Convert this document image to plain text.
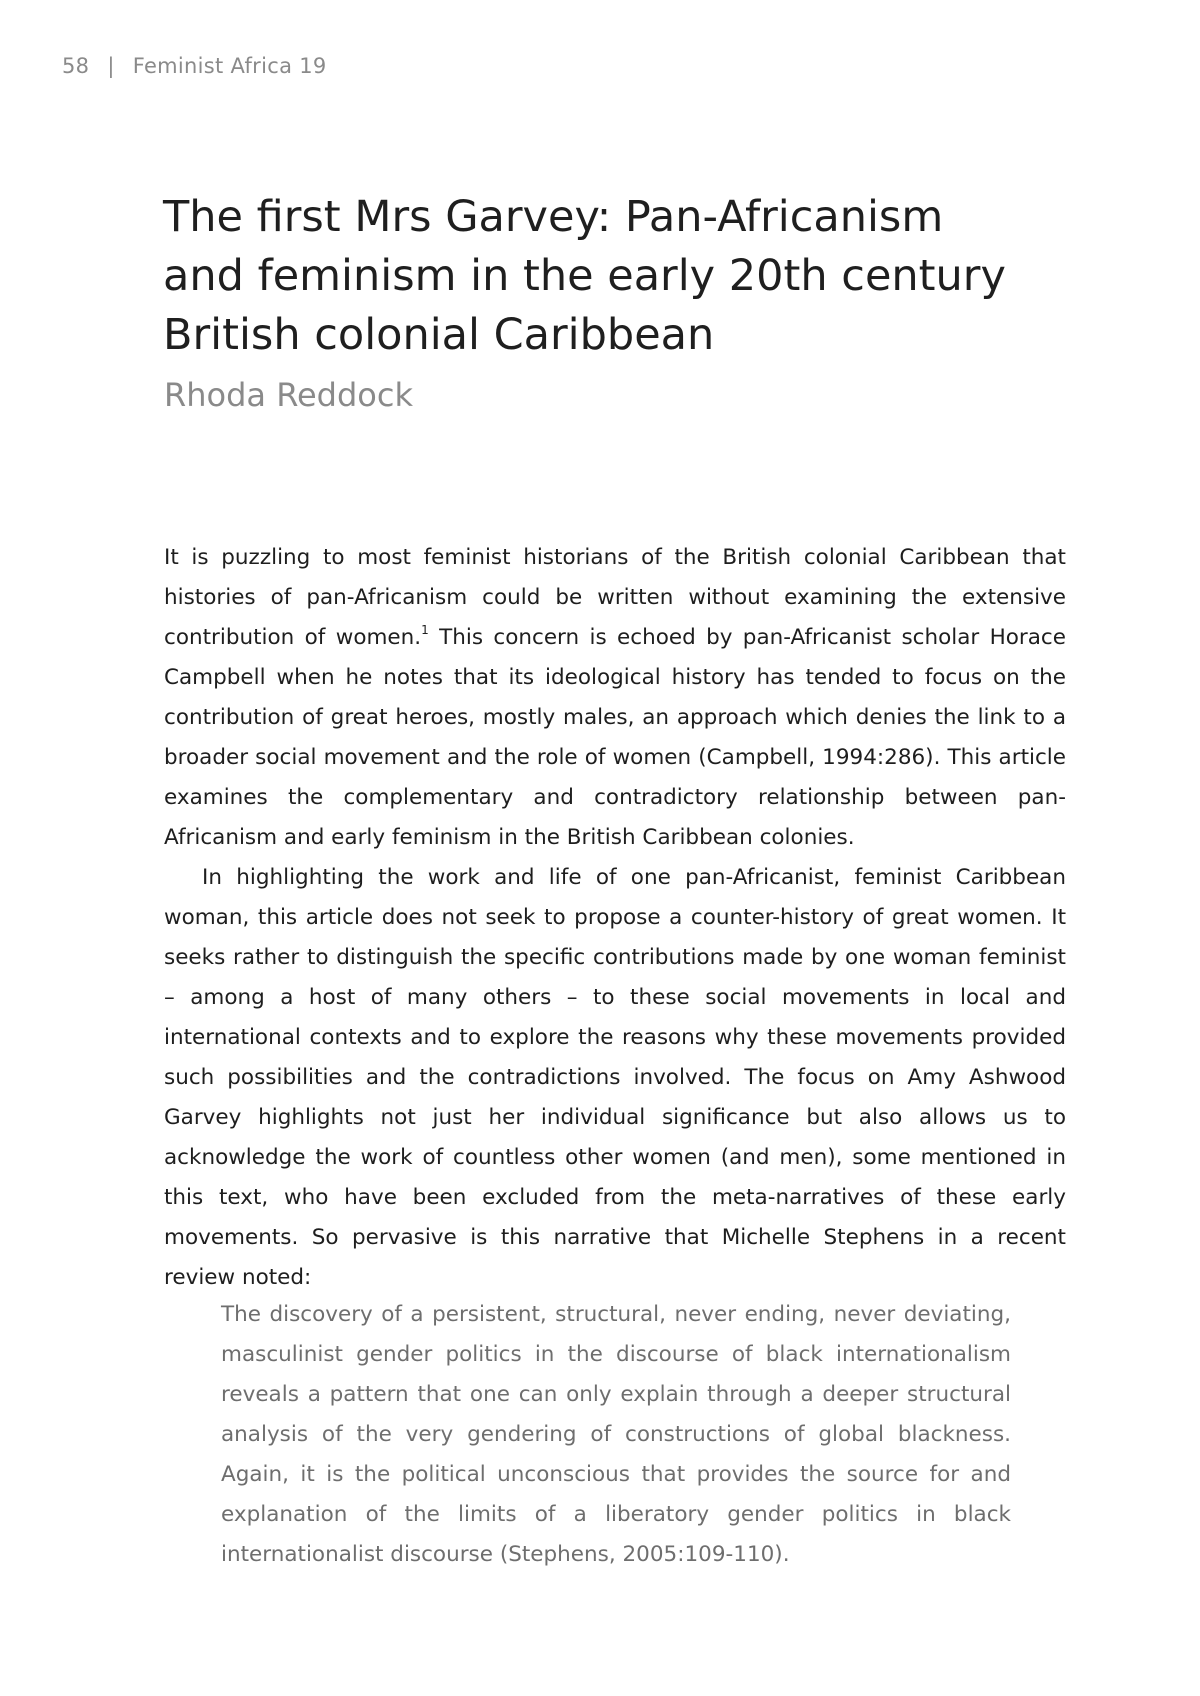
58 | Feminist Africa 19
The first Mrs Garvey: Pan-Africanism
and feminism in the early 20th century
British colonial Caribbean
Rhoda Reddock

It is puzzling to most feminist historians of the British colonial Caribbean that histories of pan-Africanism could be written without examining the extensive contribution of women.$^1$ This concern is echoed by pan-Africanist scholar Horace Campbell when he notes that its ideological history has tended to focus on the contribution of great heroes, mostly males, an approach which denies the link to a broader social movement and the role of women (Campbell, 1994:286). This article examines the complementary and contradictory relationship between pan-Africanism and early feminism in the British Caribbean colonies.

In highlighting the work and life of one pan-Africanist, feminist Caribbean woman, this article does not seek to propose a counter-history of great women. It seeks rather to distinguish the specific contributions made by one woman feminist – among a host of many others – to these social movements in local and international contexts and to explore the reasons why these movements provided such possibilities and the contradictions involved. The focus on Amy Ashwood Garvey highlights not just her individual significance but also allows us to acknowledge the work of countless other women (and men), some mentioned in this text, who have been excluded from the meta-narratives of these early movements. So pervasive is this narrative that Michelle Stephens in a recent review noted:

The discovery of a persistent, structural, never ending, never deviating, masculinist gender politics in the discourse of black internationalism reveals a pattern that one can only explain through a deeper structural analysis of the very gendering of constructions of global blackness. Again, it is the political unconscious that provides the source for and explanation of the limits of a liberatory gender politics in black internationalist discourse (Stephens, 2005:109-110).
